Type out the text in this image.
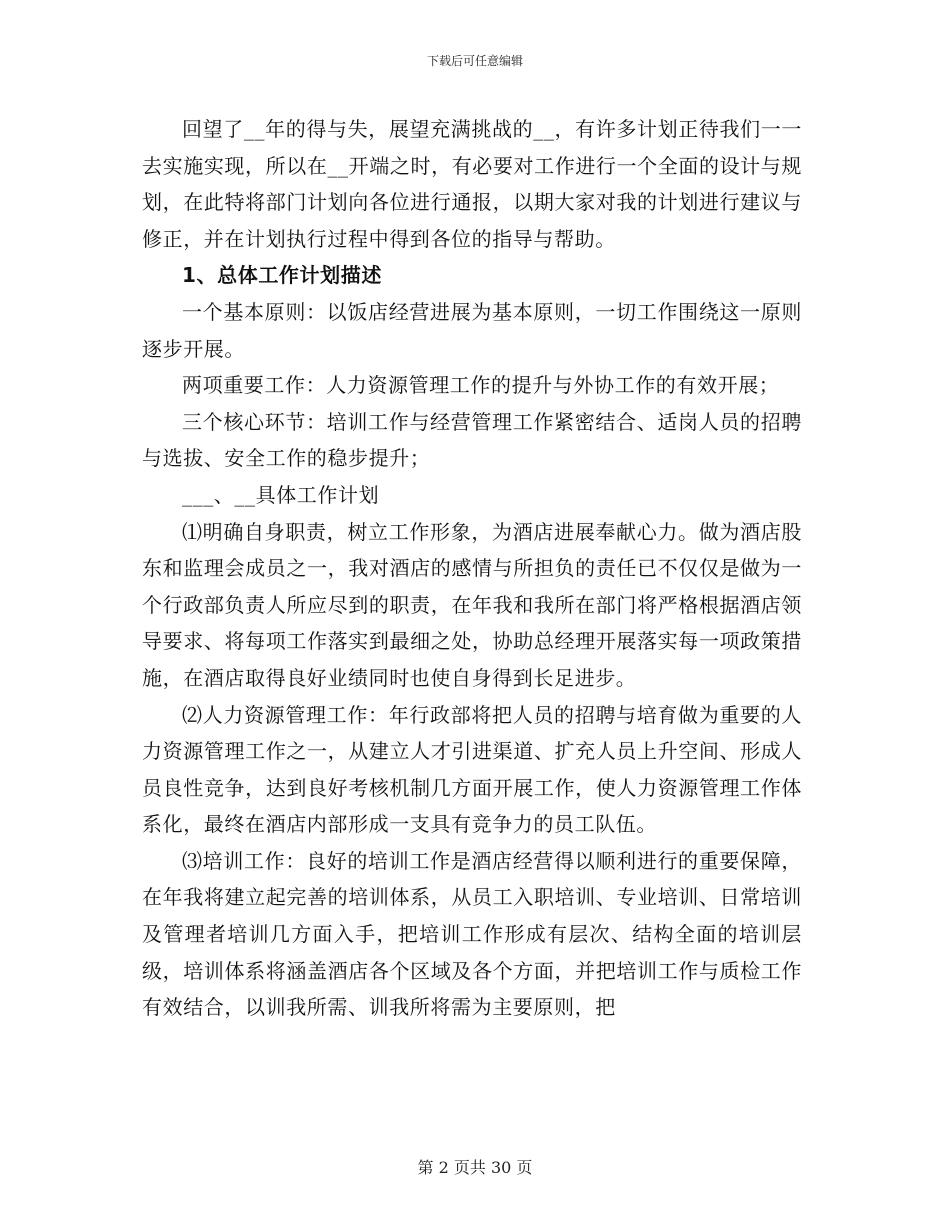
下载后可任意编辑

回望了__年的得与失，展望充满挑战的__，有许多计划正待我们一一去实施实现，所以在__开端之时，有必要对工作进行一个全面的设计与规划，在此特将部门计划向各位进行通报，以期大家对我的计划进行建议与修正，并在计划执行过程中得到各位的指导与帮助。

1、总体工作计划描述

一个基本原则：以饭店经营进展为基本原则，一切工作围绕这一原则逐步开展。

两项重要工作：人力资源管理工作的提升与外协工作的有效开展；

三个核心环节：培训工作与经营管理工作紧密结合、适岗人员的招聘与选拔、安全工作的稳步提升；

___、__具体工作计划

⑴明确自身职责，树立工作形象，为酒店进展奉献心力。做为酒店股东和监理会成员之一，我对酒店的感情与所担负的责任已不仅仅是做为一个行政部负责人所应尽到的职责，在年我和我所在部门将严格根据酒店领导要求、将每项工作落实到最细之处，协助总经理开展落实每一项政策措施，在酒店取得良好业绩同时也使自身得到长足进步。

⑵人力资源管理工作：年行政部将把人员的招聘与培育做为重要的人力资源管理工作之一，从建立人才引进渠道、扩充人员上升空间、形成人员良性竞争，达到良好考核机制几方面开展工作，使人力资源管理工作体系化，最终在酒店内部形成一支具有竞争力的员工队伍。

⑶培训工作：良好的培训工作是酒店经营得以顺利进行的重要保障，在年我将建立起完善的培训体系，从员工入职培训、专业培训、日常培训及管理者培训几方面入手，把培训工作形成有层次、结构全面的培训层级，培训体系将涵盖酒店各个区域及各个方面，并把培训工作与质检工作有效结合，以训我所需、训我所将需为主要原则，把

第 2 页共 30 页
